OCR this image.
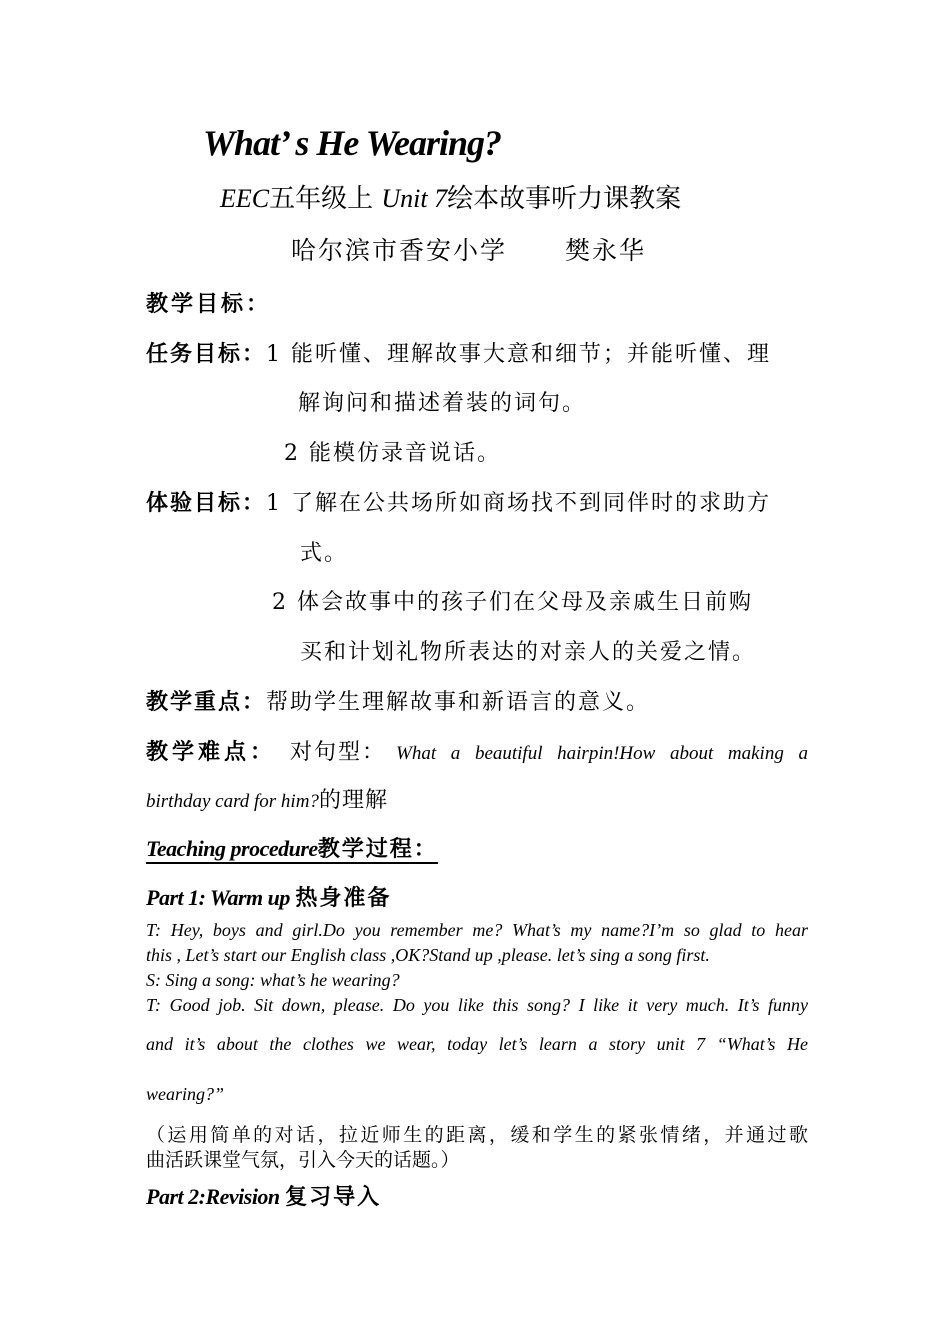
What’ s He Wearing?
EEC五年级上 Unit 7绘本故事听力课教案
哈尔滨市香安小学 樊永华
教学目标：
任务目标：1 能听懂、理解故事大意和细节；并能听懂、理
解询问和描述着装的词句。
2 能模仿录音说话。
体验目标：1 了解在公共场所如商场找不到同伴时的求助方
式。
2 体会故事中的孩子们在父母及亲戚生日前购
买和计划礼物所表达的对亲人的关爱之情。
教学重点：帮助学生理解故事和新语言的意义。
教学难点： 对句型： What a beautiful hairpin!How about making a
birthday card for him?的理解
Teaching procedure教学过程：
Part 1: Warm up 热身准备
T: Hey, boys and girl.Do you remember me? What’s my name?I’m so glad to hear
this , Let’s start our English class ,OK?Stand up ,please. let’s sing a song first.
S: Sing a song: what’s he wearing?
T: Good job. Sit down, please. Do you like this song? I like it very much. It’s funny
and it’s about the clothes we wear, today let’s learn a story unit 7 “What’s He
wearing?”
（运用简单的对话，拉近师生的距离，缓和学生的紧张情绪，并通过歌
曲活跃课堂气氛，引入今天的话题。）
Part 2:Revision 复习导入
